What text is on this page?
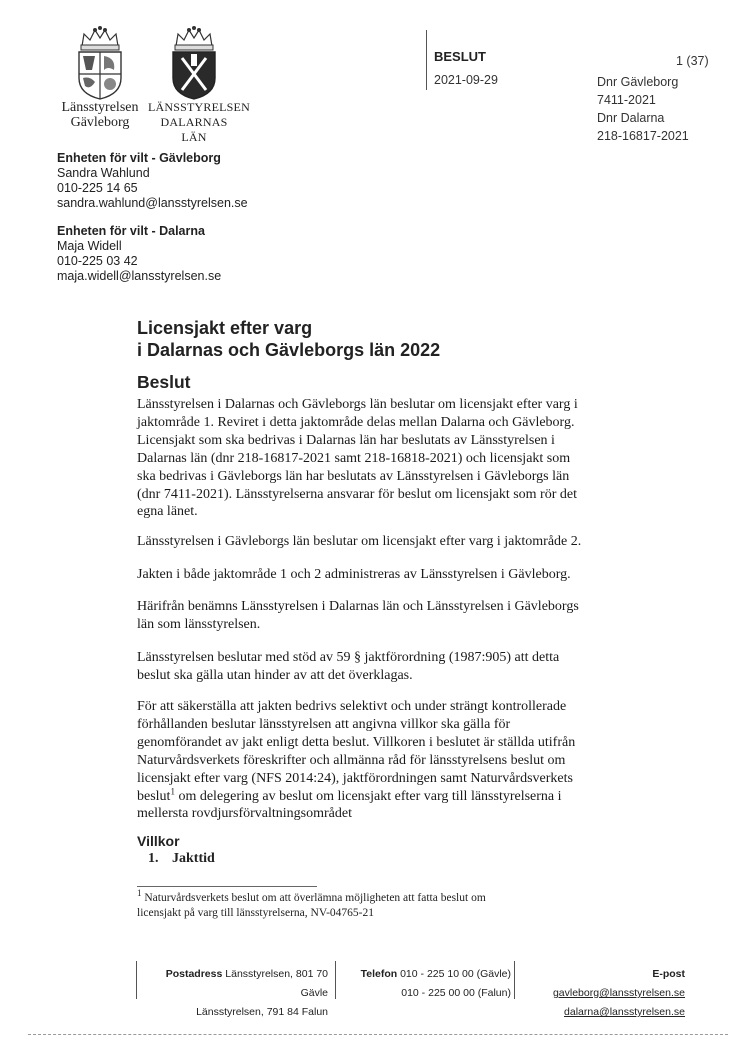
Länsstyrelsen
Gävleborg
LÄNSSTYRELSEN
DALARNAS LÄN
BESLUT
2021-09-29
1 (37)
Dnr Gävleborg
7411-2021
Dnr Dalarna
218-16817-2021
Enheten för vilt - Gävleborg
Sandra Wahlund
010-225 14 65
sandra.wahlund@lansstyrelsen.se
Enheten för vilt - Dalarna
Maja Widell
010-225 03 42
maja.widell@lansstyrelsen.se
Licensjakt efter varg
i Dalarnas och Gävleborgs län 2022
Beslut
Länsstyrelsen i Dalarnas och Gävleborgs län beslutar om licensjakt efter varg i
jaktområde 1. Reviret i detta jaktområde delas mellan Dalarna och Gävleborg.
Licensjakt som ska bedrivas i Dalarnas län har beslutats av Länsstyrelsen i
Dalarnas län (dnr 218-16817-2021 samt 218-16818-2021) och licensjakt som
ska bedrivas i Gävleborgs län har beslutats av Länsstyrelsen i Gävleborgs län
(dnr 7411-2021). Länsstyrelserna ansvarar för beslut om licensjakt som rör det
egna länet.
Länsstyrelsen i Gävleborgs län beslutar om licensjakt efter varg i jaktområde 2.
Jakten i både jaktområde 1 och 2 administreras av Länsstyrelsen i Gävleborg.
Härifrån benämns Länsstyrelsen i Dalarnas län och Länsstyrelsen i Gävleborgs
län som länsstyrelsen.
Länsstyrelsen beslutar med stöd av 59 § jaktförordning (1987:905) att detta
beslut ska gälla utan hinder av att det överklagas.
För att säkerställa att jakten bedrivs selektivt och under strängt kontrollerade
förhållanden beslutar länsstyrelsen att angivna villkor ska gälla för
genomförandet av jakt enligt detta beslut. Villkoren i beslutet är ställda utifrån
Naturvårdsverkets föreskrifter och allmänna råd för länsstyrelsens beslut om
licensjakt efter varg (NFS 2014:24), jaktförordningen samt Naturvårdsverkets
beslut$^1$ om delegering av beslut om licensjakt efter varg till länsstyrelserna i
mellersta rovdjursförvaltningsområdet
Villkor
1. Jakttid
$^1$ Naturvårdsverkets beslut om att överlämna möjligheten att fatta beslut om
licensjakt på varg till länsstyrelserna, NV-04765-21
Postadress Länsstyrelsen, 801 70 Gävle
Länsstyrelsen, 791 84 Falun
Telefon 010 - 225 10 00 (Gävle)
010 - 225 00 00 (Falun)
E-post gavleborg@lansstyrelsen.se
dalarna@lansstyrelsen.se
